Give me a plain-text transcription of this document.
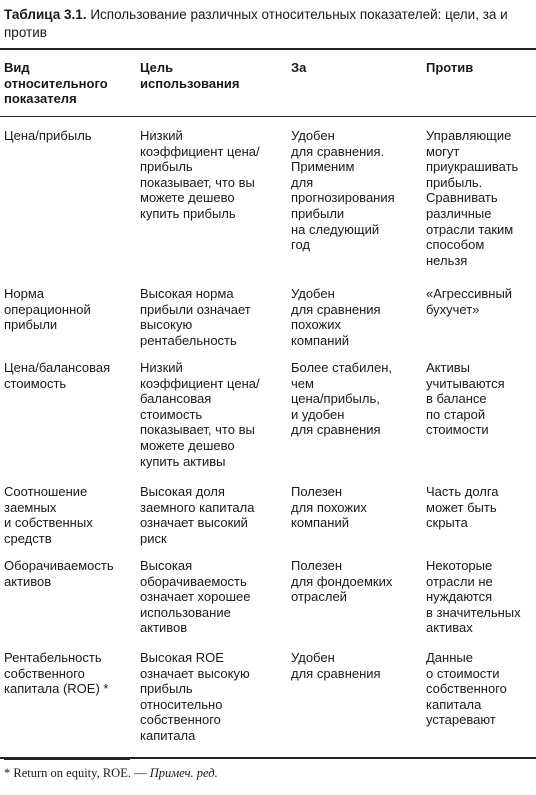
Таблица 3.1. Использование различных относительных показателей: цели, за и против
Вид
относительного
показателя
Цель
использования
За	Против
Цена/прибыль	Низкий
коэффициент цена/
прибыль
показывает, что вы
можете дешево
купить прибыль
Удобен
для сравнения.
Применим
для
прогнозирования
прибыли
на следующий
год
Управляющие
могут
приукрашивать
прибыль.
Сравнивать
различные
отрасли таким
способом
нельзя
Норма
операционной
прибыли
Высокая норма
прибыли означает
высокую
рентабельность
Удобен
для сравнения
похожих
компаний
«Агрессивный
бухучет»
Цена/балансовая
стоимость
Низкий
коэффициент цена/
балансовая
стоимость
показывает, что вы
можете дешево
купить активы
Более стабилен,
чем
цена/прибыль,
и удобен
для сравнения
Активы
учитываются
в балансе
по старой
стоимости
Соотношение
заемных
и собственных
средств
Высокая доля
заемного капитала
означает высокий
риск
Полезен
для похожих
компаний
Часть долга
может быть
скрыта
Оборачиваемость
активов
Высокая
оборачиваемость
означает хорошее
использование
активов
Полезен
для фондоемких
отраслей
Некоторые
отрасли не
нуждаются
в значительных
активах
Рентабельность
собственного
капитала (ROE) *
Высокая ROE
означает высокую
прибыль
относительно
собственного
капитала
Удобен
для сравнения
Данные
о стоимости
собственного
капитала
устаревают
* Return on equity, ROE. — Примеч. ред.
